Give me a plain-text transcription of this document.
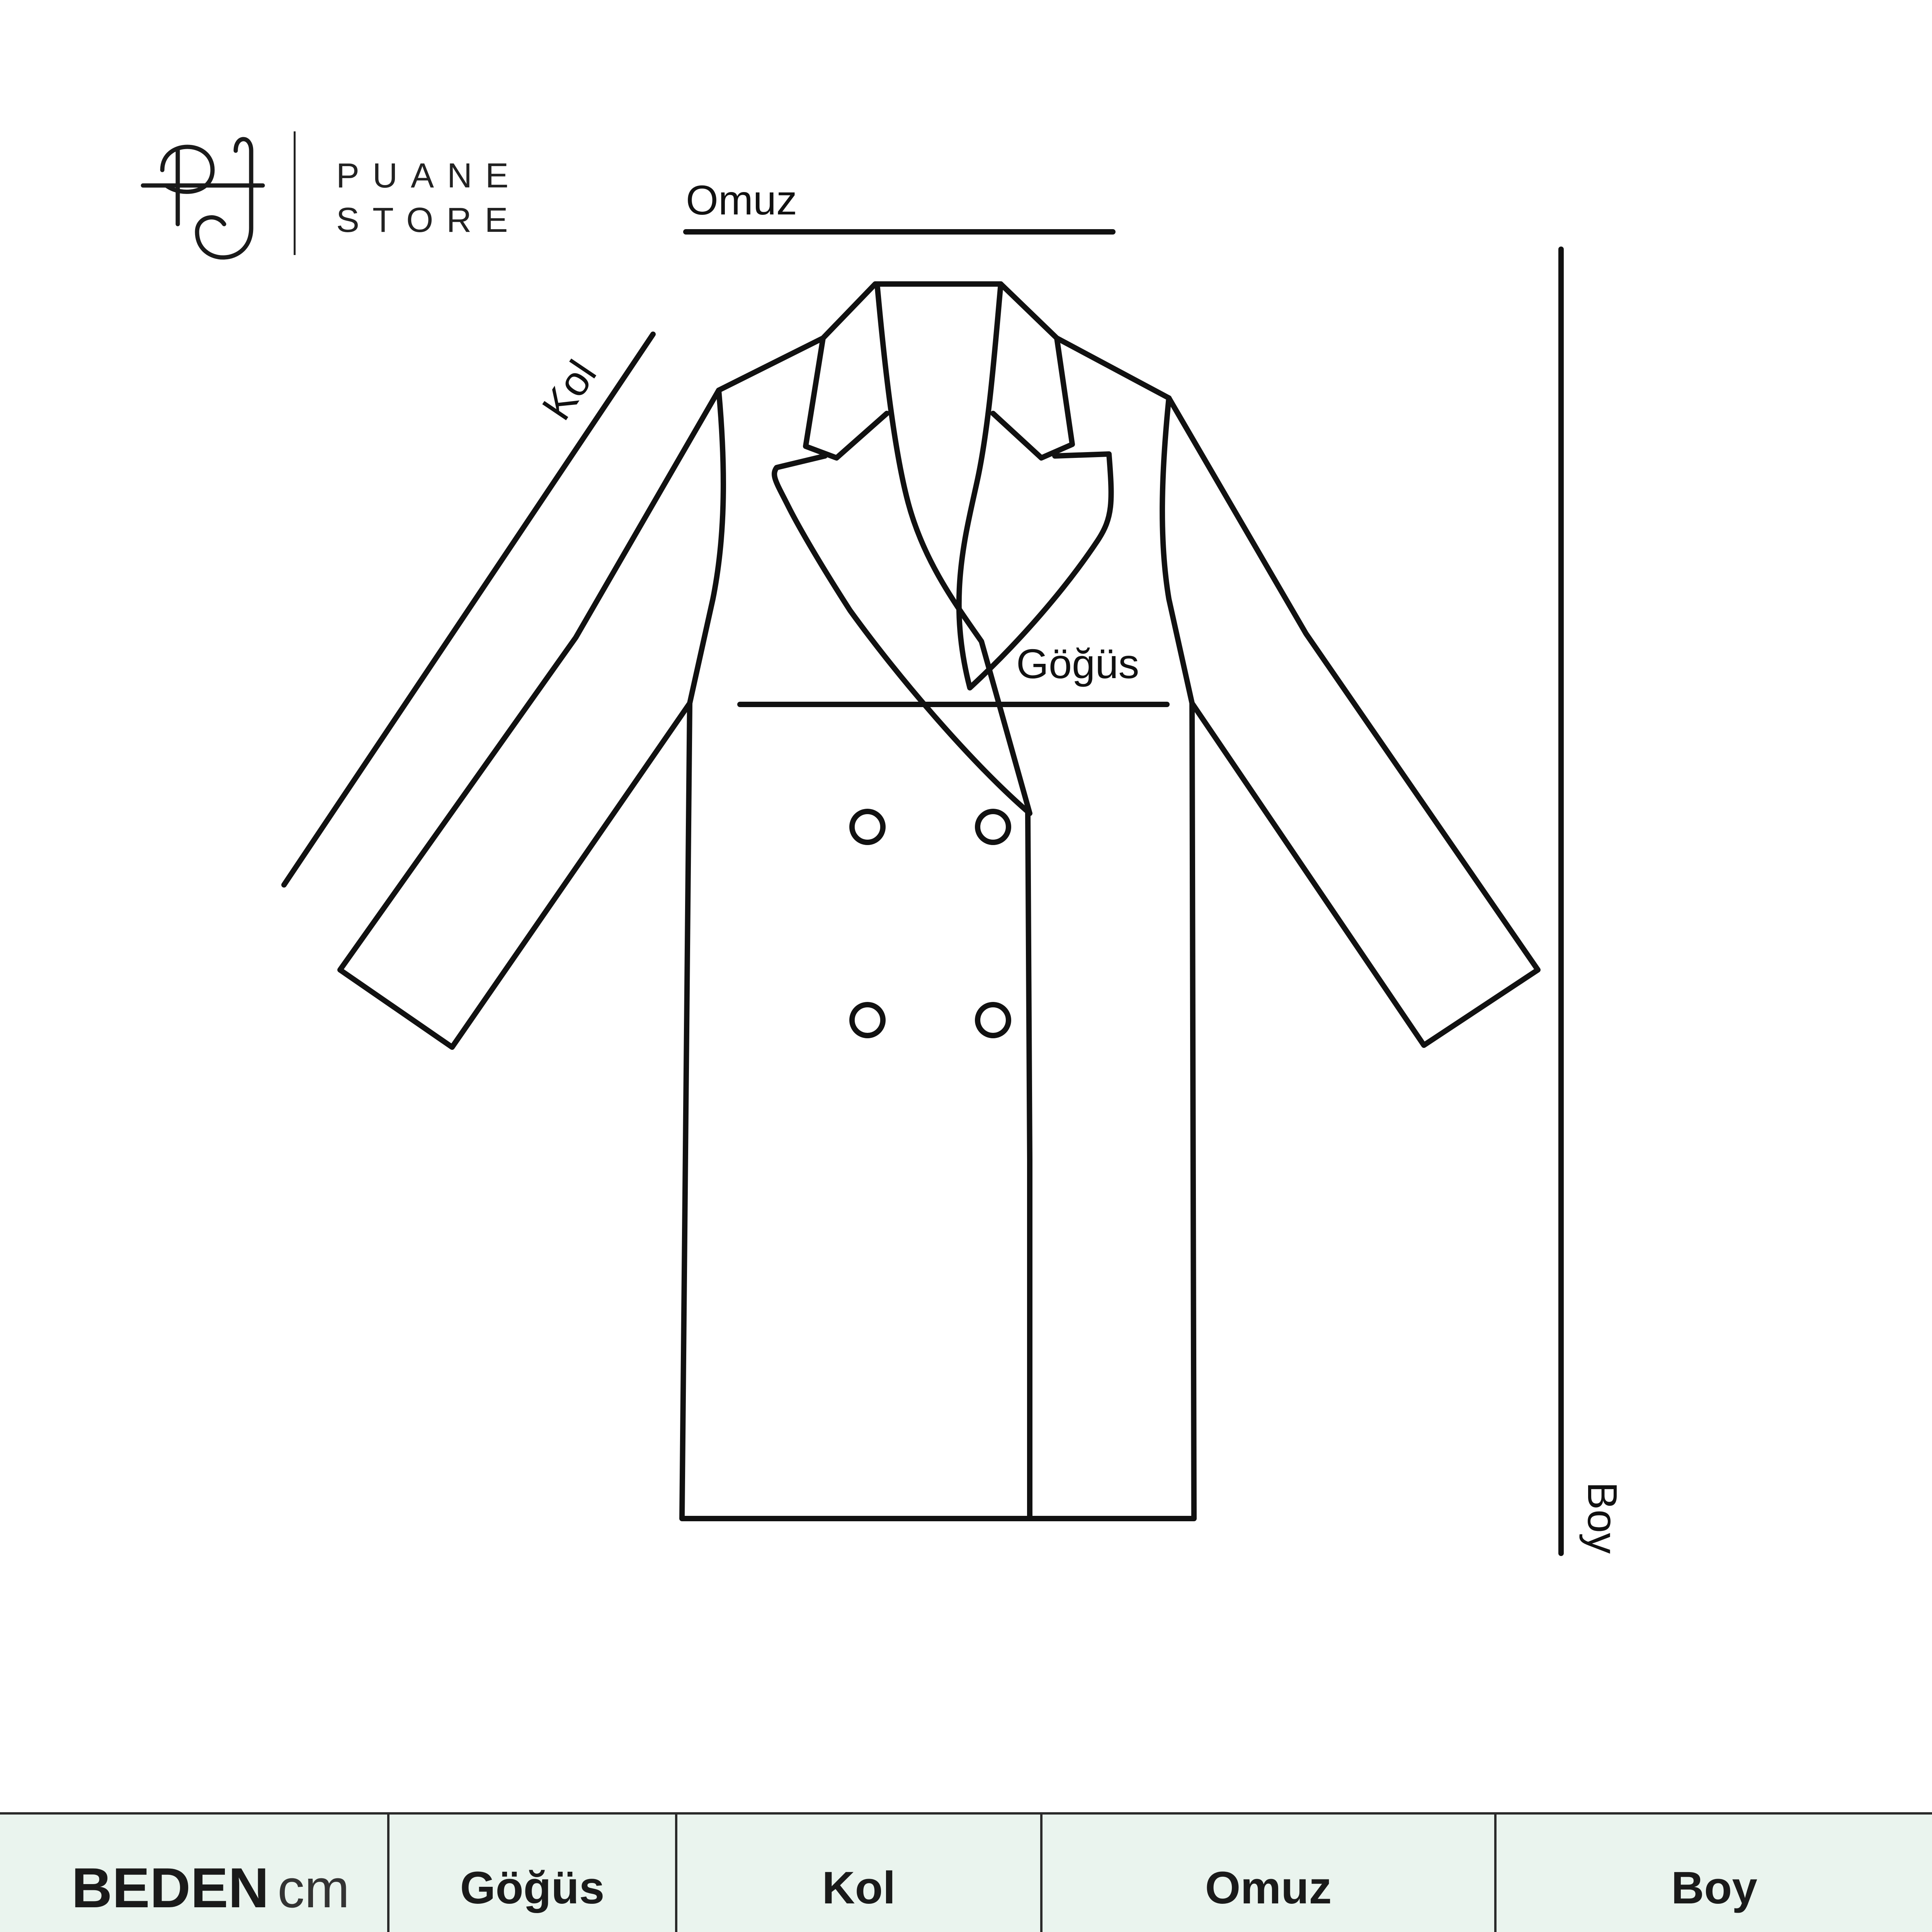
PUANE
STORE	Omuz
Kol
Göğüs
Boy
BEDEN cm	Göğüs	Kol	Omuz	Boy
